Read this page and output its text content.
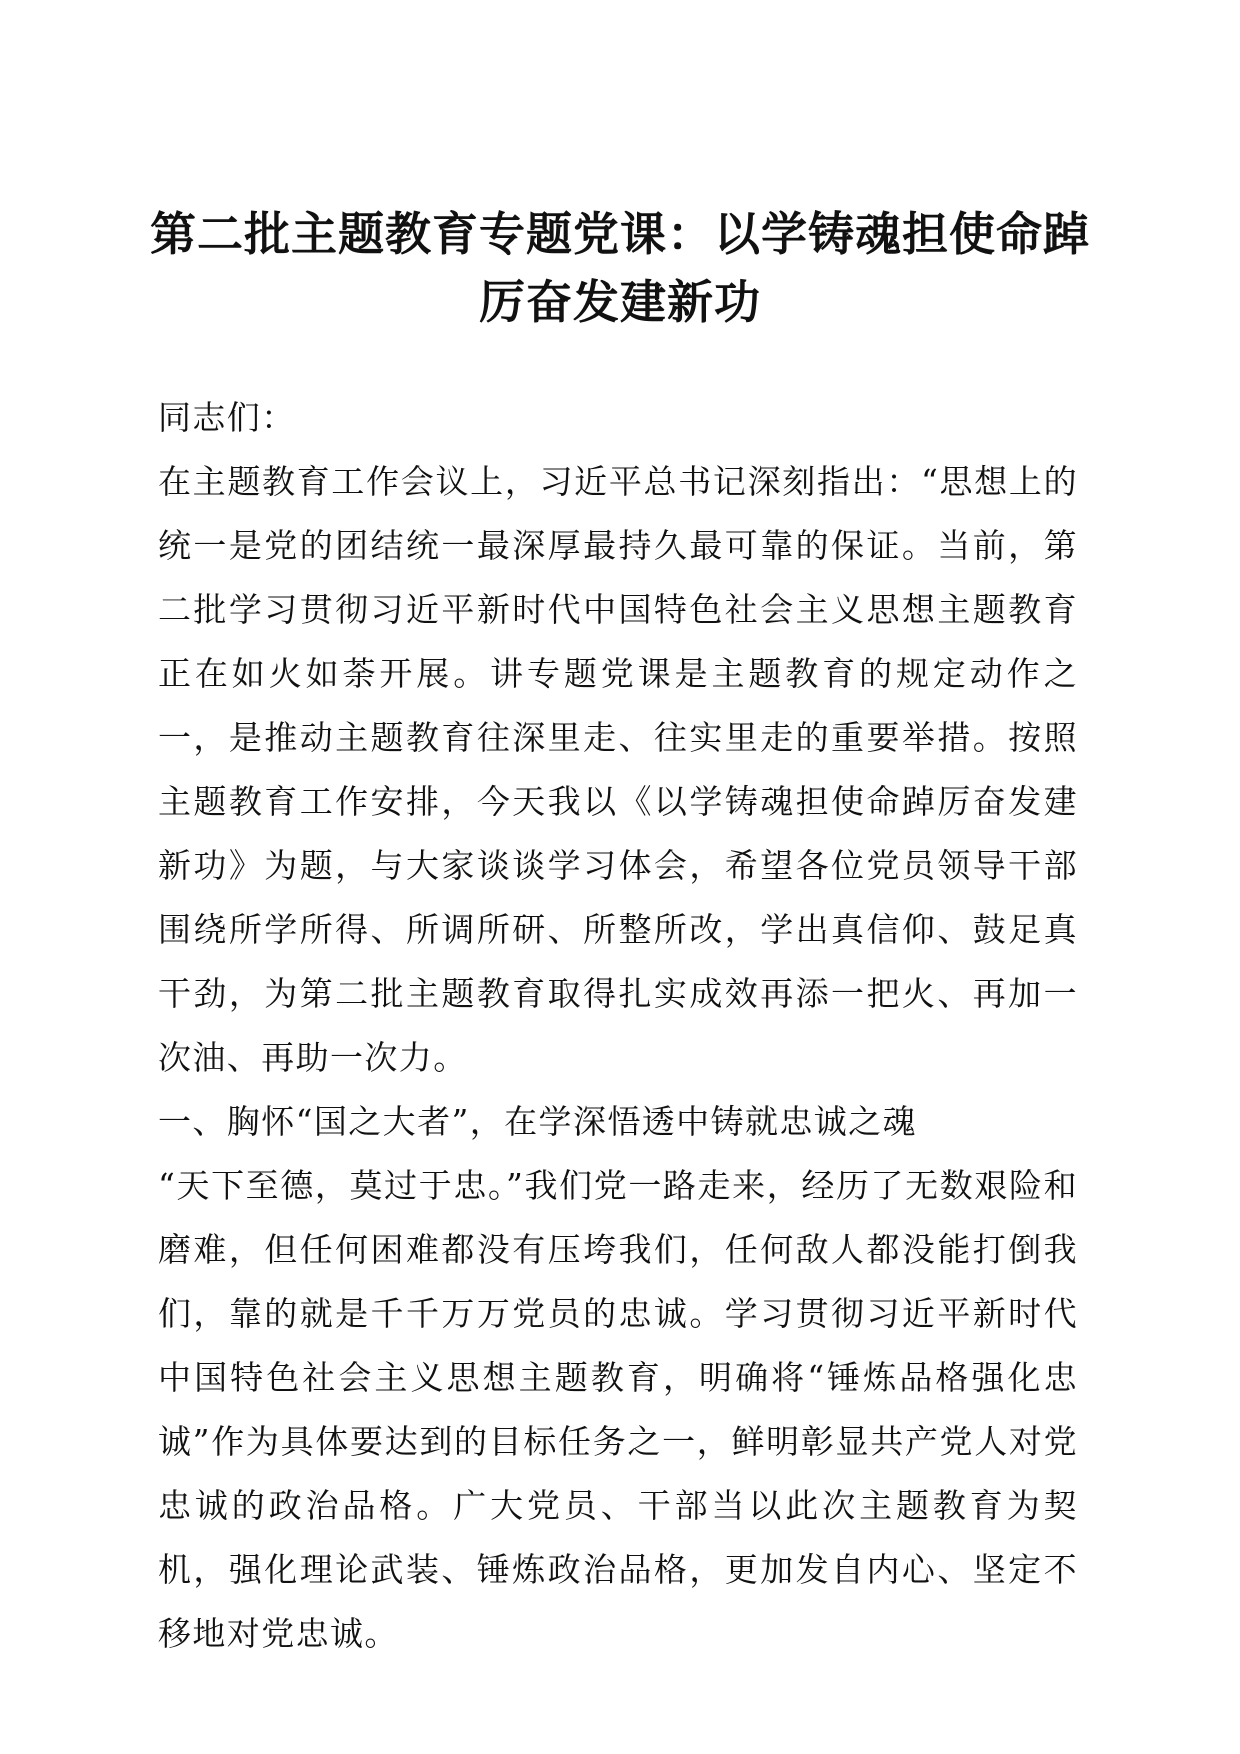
第二批主题教育专题党课：以学铸魂担使命踔厉奋发建新功

同志们：

在主题教育工作会议上，习近平总书记深刻指出：“思想上的统一是党的团结统一最深厚最持久最可靠的保证。当前，第二批学习贯彻习近平新时代中国特色社会主义思想主题教育正在如火如荼开展。讲专题党课是主题教育的规定动作之一，是推动主题教育往深里走、往实里走的重要举措。按照主题教育工作安排，今天我以《以学铸魂担使命踔厉奋发建新功》为题，与大家谈谈学习体会，希望各位党员领导干部围绕所学所得、所调所研、所整所改，学出真信仰、鼓足真干劲，为第二批主题教育取得扎实成效再添一把火、再加一次油、再助一次力。

一、胸怀“国之大者”，在学深悟透中铸就忠诚之魂

“天下至德，莫过于忠。”我们党一路走来，经历了无数艰险和磨难，但任何困难都没有压垮我们，任何敌人都没能打倒我们，靠的就是千千万万党员的忠诚。学习贯彻习近平新时代中国特色社会主义思想主题教育，明确将“锤炼品格强化忠诚”作为具体要达到的目标任务之一，鲜明彰显共产党人对党忠诚的政治品格。广大党员、干部当以此次主题教育为契机，强化理论武装、锤炼政治品格，更加发自内心、坚定不移地对党忠诚。
